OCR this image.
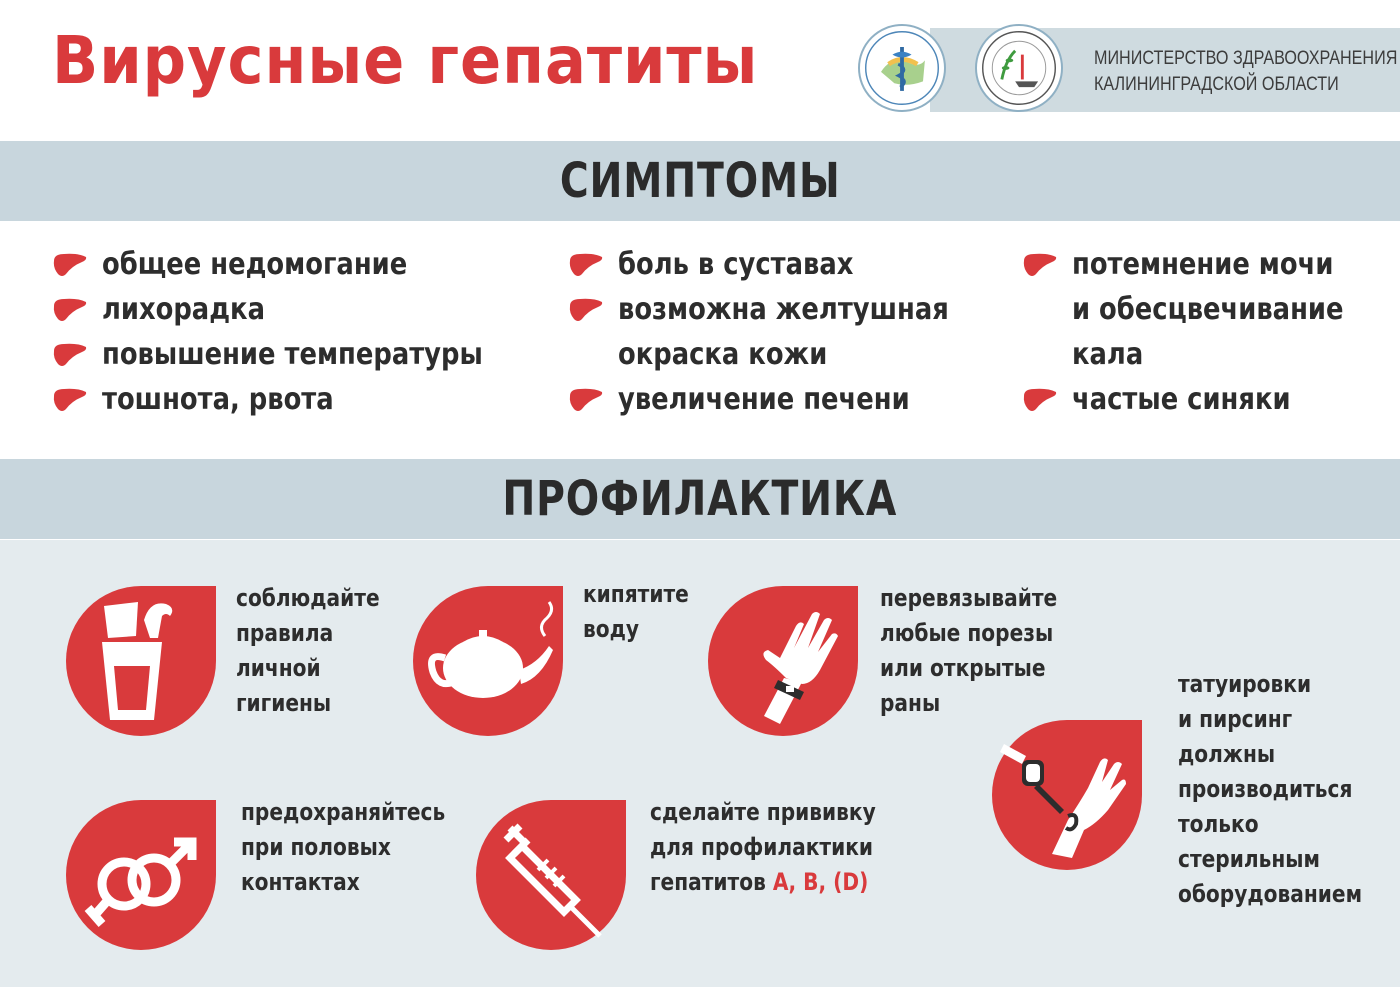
Вирусные гепатиты	МИНИСТЕРСТВО ЗДРАВООХРАНЕНИЯ
КАЛИНИНГРАДСКОЙ ОБЛАСТИ
СИМПТОМЫ
общее недомогание
лихорадка
повышение температуры
тошнота, рвота
боль в суставах
возможна желтушная
окраска кожи
увеличение печени
потемнение мочи
и обесцвечивание
кала
частые синяки
ПРОФИЛАКТИКА
соблюдайте
правила
личной
гигиены
кипятите
воду
перевязывайте
любые порезы
или открытые
раны
татуировки
и пирсинг
должны
производиться
только
стерильным
оборудованием
предохраняйтесь
при половых
контактах
сделайте прививку
для профилактики
гепатитов А, В, (D)
